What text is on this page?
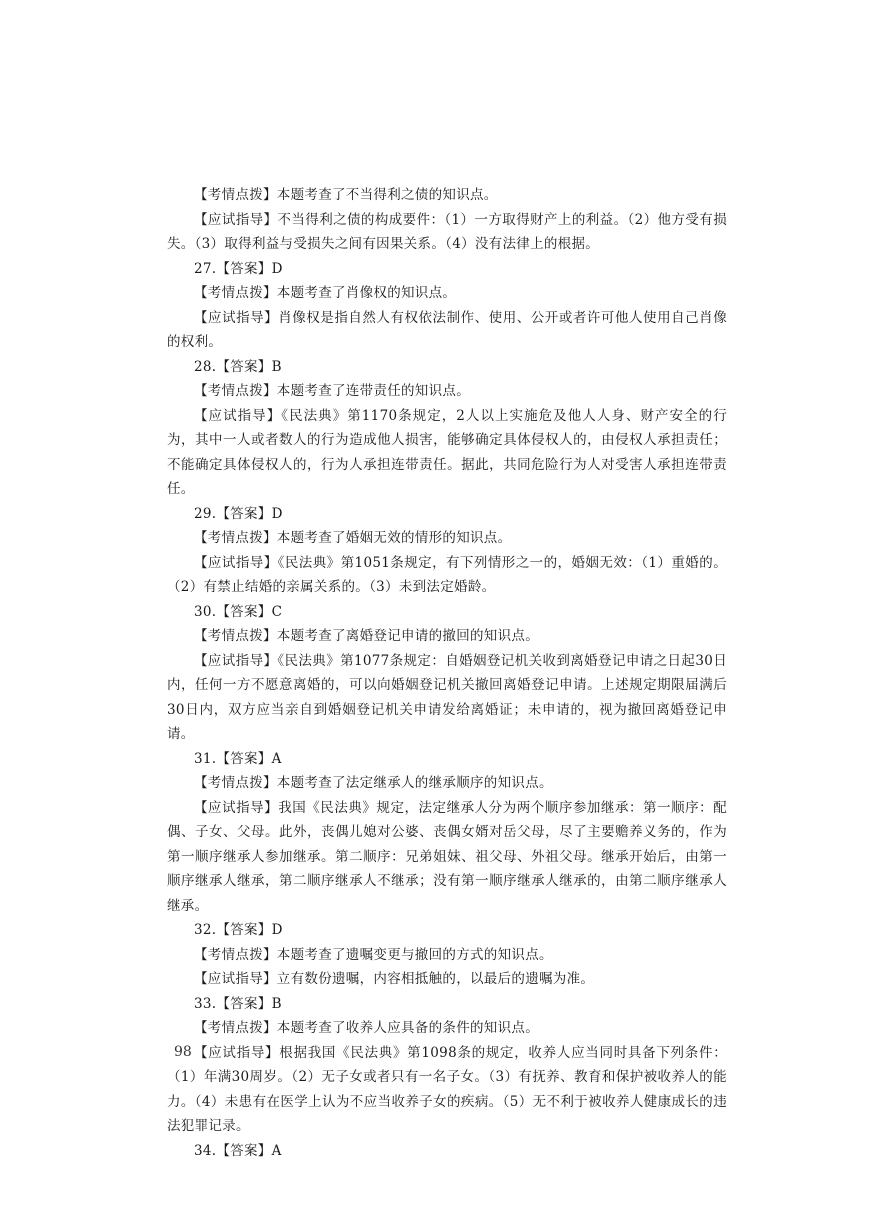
【考情点拨】本题考查了不当得利之债的知识点。

【应试指导】不当得利之债的构成要件：（1）一方取得财产上的利益。（2）他方受有损失。（3）取得利益与受损失之间有因果关系。（4）没有法律上的根据。

27.【答案】D

【考情点拨】本题考查了肖像权的知识点。

【应试指导】肖像权是指自然人有权依法制作、使用、公开或者许可他人使用自己肖像的权利。

28.【答案】B

【考情点拨】本题考查了连带责任的知识点。

【应试指导】《民法典》第1170条规定，2人以上实施危及他人人身、财产安全的行为，其中一人或者数人的行为造成他人损害，能够确定具体侵权人的，由侵权人承担责任；不能确定具体侵权人的，行为人承担连带责任。据此，共同危险行为人对受害人承担连带责任。

29.【答案】D

【考情点拨】本题考查了婚姻无效的情形的知识点。

【应试指导】《民法典》第1051条规定，有下列情形之一的，婚姻无效：（1）重婚的。（2）有禁止结婚的亲属关系的。（3）未到法定婚龄。

30.【答案】C

【考情点拨】本题考查了离婚登记申请的撤回的知识点。

【应试指导】《民法典》第1077条规定：自婚姻登记机关收到离婚登记申请之日起30日内，任何一方不愿意离婚的，可以向婚姻登记机关撤回离婚登记申请。上述规定期限届满后30日内，双方应当亲自到婚姻登记机关申请发给离婚证；未申请的，视为撤回离婚登记申请。

31.【答案】A

【考情点拨】本题考查了法定继承人的继承顺序的知识点。

【应试指导】我国《民法典》规定，法定继承人分为两个顺序参加继承：第一顺序：配偶、子女、父母。此外，丧偶儿媳对公婆、丧偶女婿对岳父母，尽了主要赡养义务的，作为第一顺序继承人参加继承。第二顺序：兄弟姐妹、祖父母、外祖父母。继承开始后，由第一顺序继承人继承，第二顺序继承人不继承；没有第一顺序继承人继承的，由第二顺序继承人继承。

32.【答案】D

【考情点拨】本题考查了遗嘱变更与撤回的方式的知识点。

【应试指导】立有数份遗嘱，内容相抵触的，以最后的遗嘱为准。

33.【答案】B

【考情点拨】本题考查了收养人应具备的条件的知识点。

【应试指导】根据我国《民法典》第1098条的规定，收养人应当同时具备下列条件：（1）年满30周岁。（2）无子女或者只有一名子女。（3）有抚养、教育和保护被收养人的能力。（4）未患有在医学上认为不应当收养子女的疾病。（5）无不利于被收养人健康成长的违法犯罪记录。

34.【答案】A

98
